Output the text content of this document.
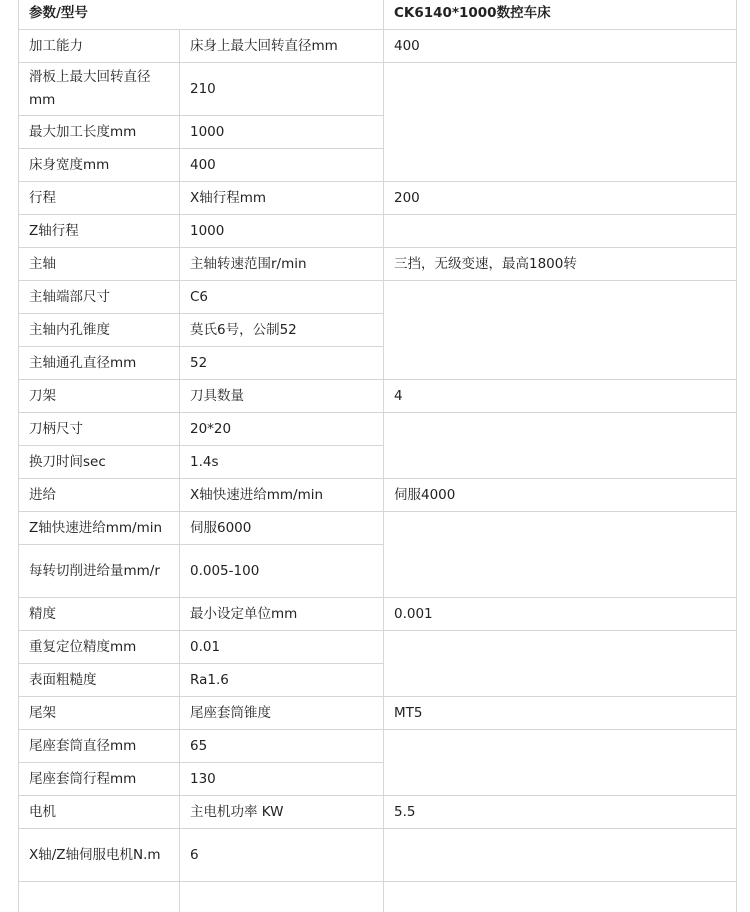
参数/型号		CK6140*1000数控车床
加工能力	床身上最大回转直径mm	400
滑板上最大回转直径mm	210	
最大加工长度mm	1000	
床身宽度mm	400	
行程	X轴行程mm	200
Z轴行程	1000	
主轴	主轴转速范围r/min	三挡，无级变速，最高1800转
主轴端部尺寸	C6	
主轴内孔锥度	莫氏6号，公制52	
主轴通孔直径mm	52	
刀架	刀具数量	4
刀柄尺寸	20*20	
换刀时间sec	1.4s	
进给	X轴快速进给mm/min	伺服4000
Z轴快速进给mm/min	伺服6000	
每转切削进给量mm/r	0.005-100	
精度	最小设定单位mm	0.001
重复定位精度mm	0.01	
表面粗糙度	Ra1.6	
尾架	尾座套筒锥度	MT5
尾座套筒直径mm	65	
尾座套筒行程mm	130	
电机	主电机功率 KW	5.5
X轴/Z轴伺服电机N.m	6	
